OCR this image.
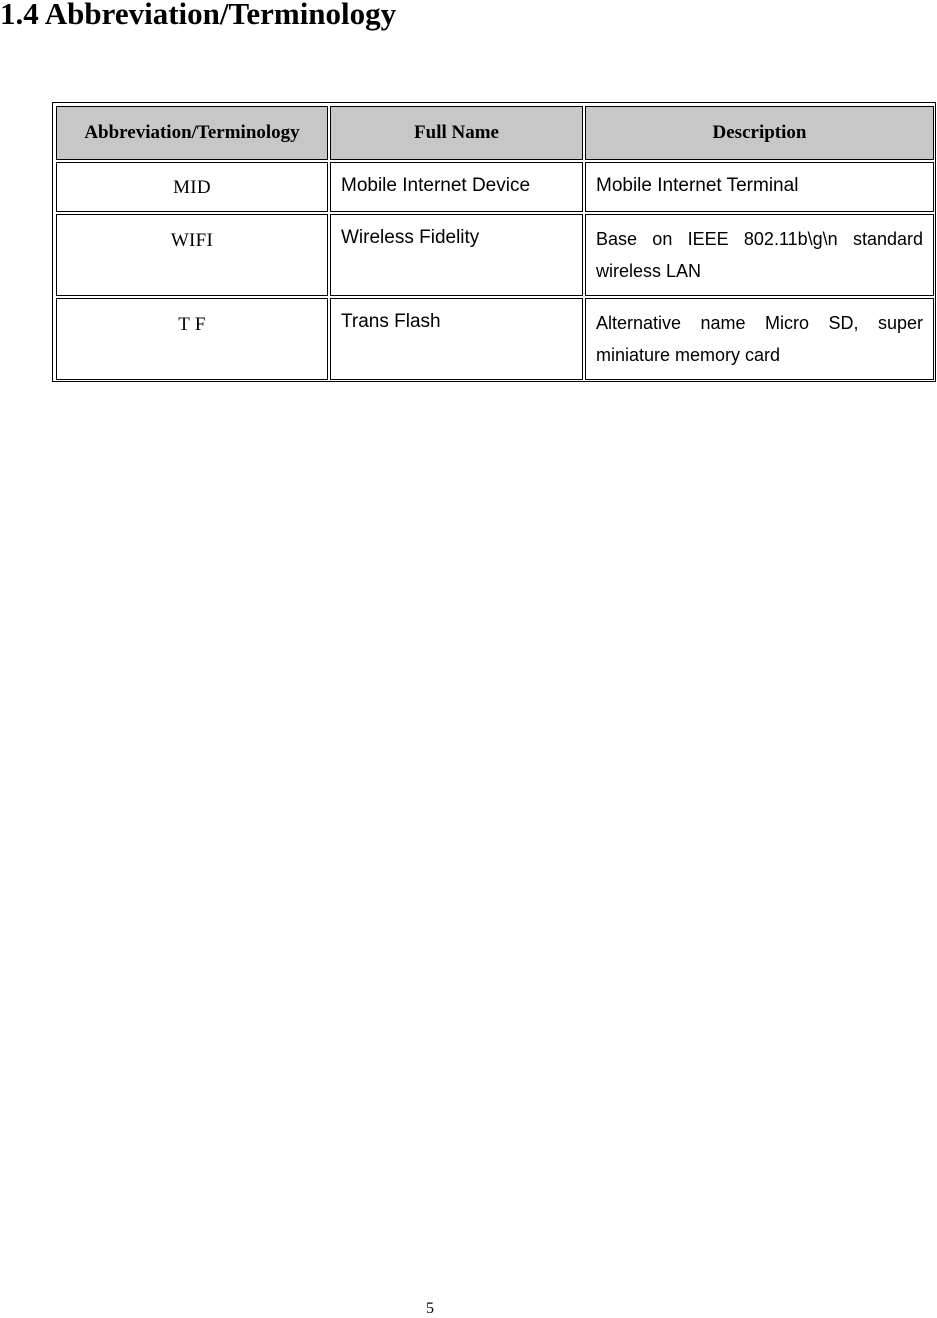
1.4 Abbreviation/Terminology
Abbreviation/Terminology	Full Name	Description
MID	Mobile Internet Device	Mobile Internet Terminal
WIFI	Wireless Fidelity	Base on IEEE 802.11b\g\n standard wireless LAN
T F	Trans Flash	Alternative name Micro SD, super miniature memory card
5
